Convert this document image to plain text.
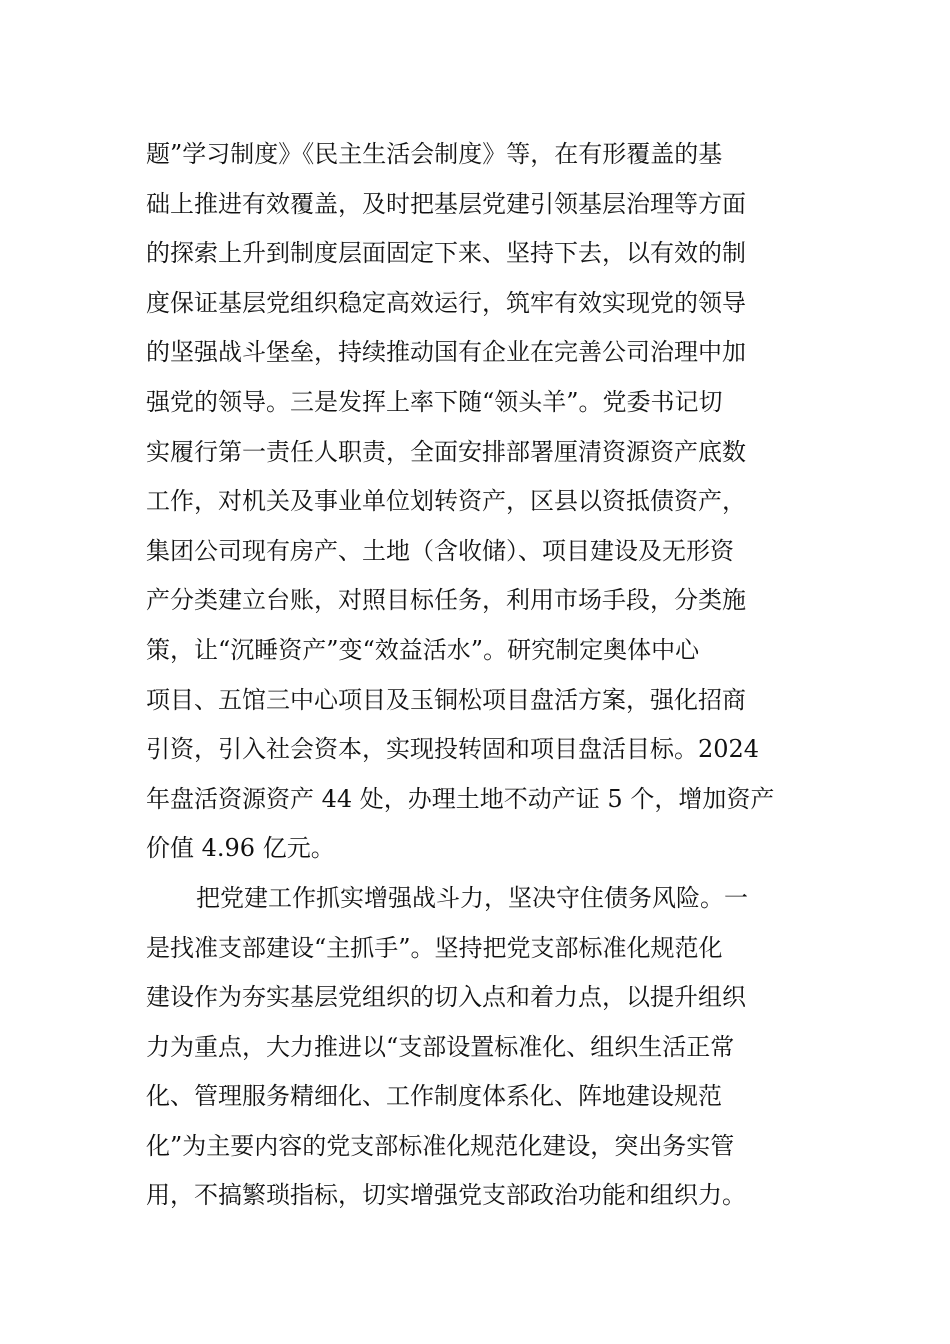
题”学习制度》《民主生活会制度》等，在有形覆盖的基
础上推进有效覆盖，及时把基层党建引领基层治理等方面
的探索上升到制度层面固定下来、坚持下去，以有效的制
度保证基层党组织稳定高效运行，筑牢有效实现党的领导
的坚强战斗堡垒，持续推动国有企业在完善公司治理中加
强党的领导。三是发挥上率下随“领头羊”。党委书记切
实履行第一责任人职责，全面安排部署厘清资源资产底数
工作，对机关及事业单位划转资产，区县以资抵债资产，
集团公司现有房产、土地（含收储）、项目建设及无形资
产分类建立台账，对照目标任务，利用市场手段，分类施
策，让“沉睡资产”变“效益活水”。研究制定奥体中心
项目、五馆三中心项目及玉铜松项目盘活方案，强化招商
引资，引入社会资本，实现投转固和项目盘活目标。2024
年盘活资源资产 44 处，办理土地不动产证 5 个，增加资产
价值 4.96 亿元。
把党建工作抓实增强战斗力，坚决守住债务风险。一
是找准支部建设“主抓手”。坚持把党支部标准化规范化
建设作为夯实基层党组织的切入点和着力点，以提升组织
力为重点，大力推进以“支部设置标准化、组织生活正常
化、管理服务精细化、工作制度体系化、阵地建设规范
化”为主要内容的党支部标准化规范化建设，突出务实管
用，不搞繁琐指标，切实增强党支部政治功能和组织力。
